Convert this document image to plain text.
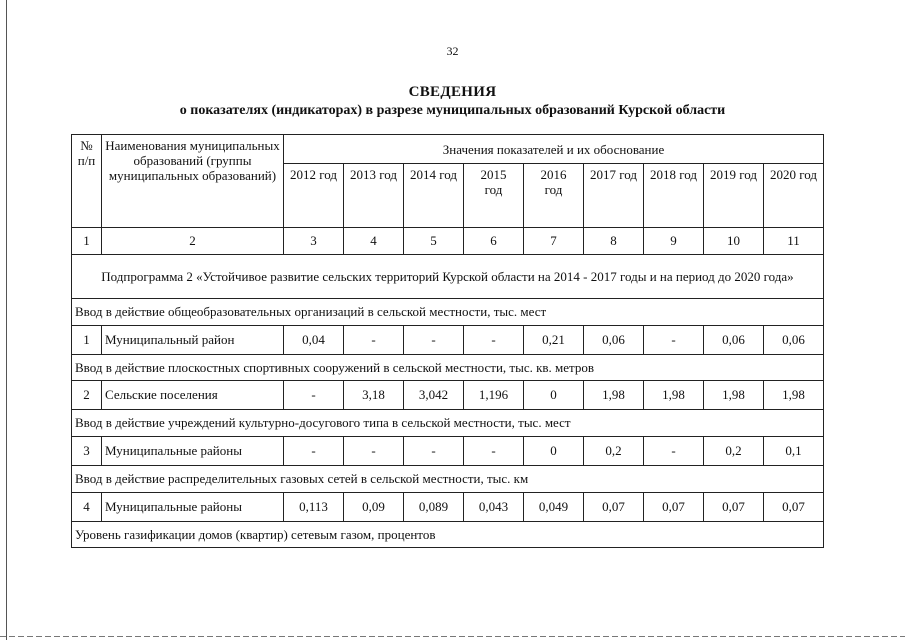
32
СВЕДЕНИЯ
о показателях (индикаторах) в разрезе муниципальных образований Курской области
№
п/п	Наименования муниципальных образований (группы муниципальных образований)	Значения показателей и их обоснование								
		2012 год	2013 год	2014 год	2015 год	2016 год	2017 год	2018 год	2019 год	2020 год
1	2	3	4	5	6	7	8	9	10	11
Подпрограмма 2 «Устойчивое развитие сельских территорий Курской области на 2014 - 2017 годы и на период до 2020 года»										
Ввод в действие общеобразовательных организаций в сельской местности, тыс. мест										
1	Муниципальный район	0,04	-	-	-	0,21	0,06	-	0,06	0,06
Ввод в действие плоскостных спортивных сооружений в сельской местности, тыс. кв. метров										
2	Сельские поселения	-	3,18	3,042	1,196	0	1,98	1,98	1,98	1,98
Ввод в действие учреждений культурно-досугового типа в сельской местности, тыс. мест										
3	Муниципальные районы	-	-	-	-	0	0,2	-	0,2	0,1
Ввод в действие распределительных газовых сетей в сельской местности, тыс. км										
4	Муниципальные районы	0,113	0,09	0,089	0,043	0,049	0,07	0,07	0,07	0,07
Уровень газификации домов (квартир) сетевым газом, процентов										
